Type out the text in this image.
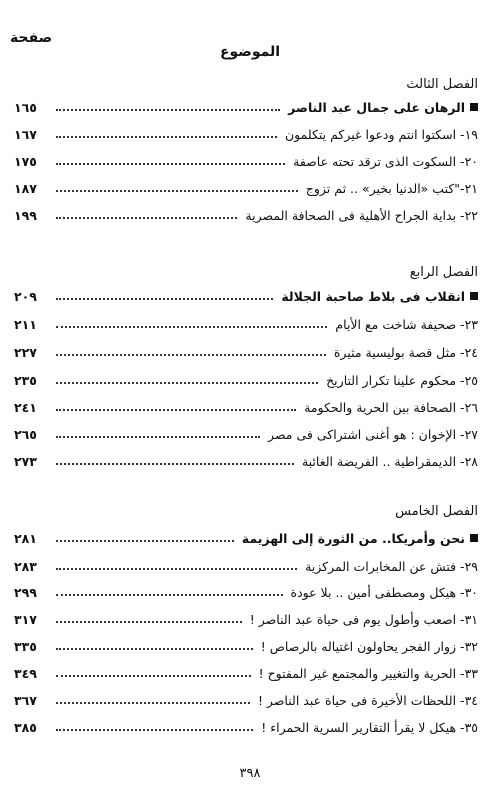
صفحة
الموضوع
الفصل الثالث
الرهان على جمال عبد الناصر
١٦٥
١٩- اسكتوا انتم ودعوا غيركم يتكلمون
١٦٧
٢٠- السكوت الذى ترقد تحته عاصفة
١٧٥
٢١-"كتب «الدنيا بخير» .. ثم تزوج
١٨٧
٢٢- بداية الجراح الأهلية فى الصحافة المصرية
١٩٩
الفصل الرابع
انقلاب فى بلاط صاحبة الجلالة
٢٠٩
٢٣- صحيفة شاخت مع الأيام
٢١١
٢٤- مثل قصة بوليسية مثيرة
٢٢٧
٢٥- محكوم علينا تكرار التاريخ
٢٣٥
٢٦- الصحافة بين الحرية والحكومة
٢٤١
٢٧- الإخوان : هو أغنى اشتراكى فى مصر
٢٦٥
٢٨- الديمقراطية .. الفريضة الغائبة
٢٧٣
الفصل الخامس
نحن وأمريكا.. من الثورة إلى الهزيمة
٢٨١
٢٩- فتش عن المخابرات المركزية
٢٨٣
٣٠- هيكل ومصطفى أمين .. بلا عودة
٢٩٩
٣١- اصعب وأطول يوم فى حياة عبد الناصر !
٣١٧
٣٢- زوار الفجر يحاولون اغتياله بالرصاص !
٣٣٥
٣٣- الحرية والتغيير والمجتمع غير المفتوح !
٣٤٩
٣٤- اللحظات الأخيرة فى حياة عبد الناصر !
٣٦٧
٣٥- هيكل لا يقرأ التقارير السرية الحمراء !
٣٨٥
٣٩٨
